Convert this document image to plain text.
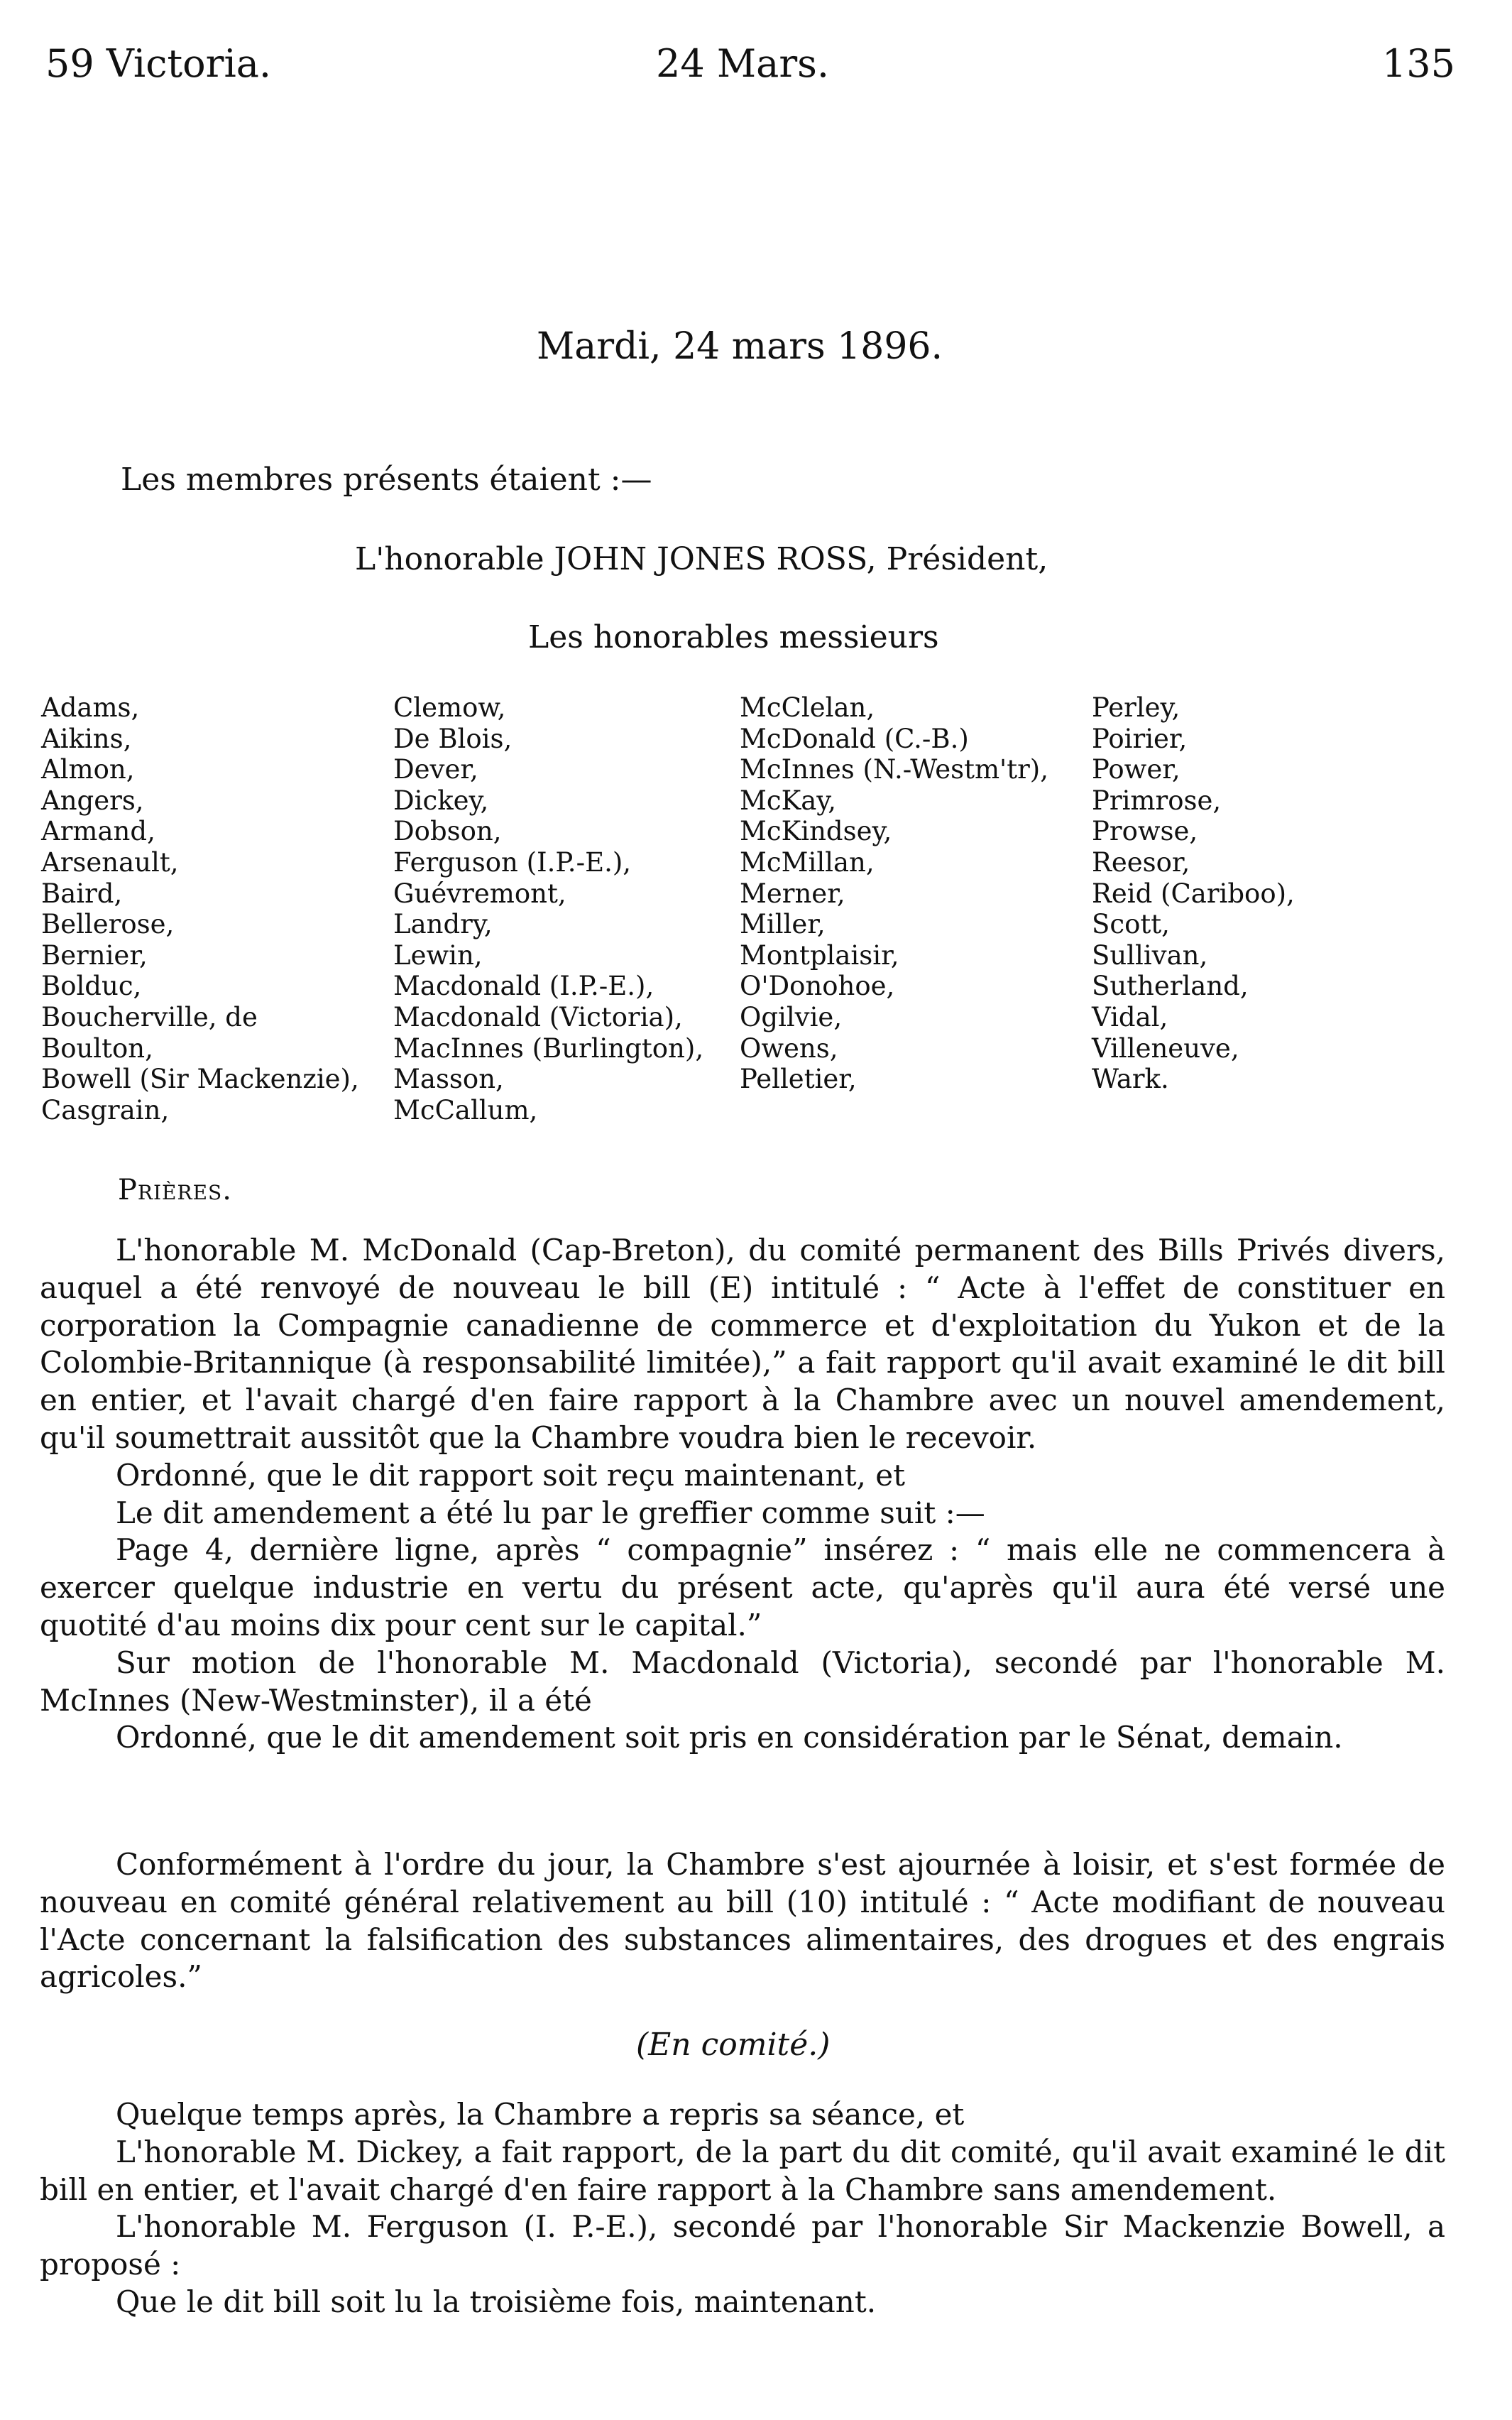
59 Victoria.	24 Mars.	135
Mardi, 24 mars 1896.
Les membres présents étaient :—
L'honorable JOHN JONES ROSS, Président,
Les honorables messieurs
Adams,
Aikins,
Almon,
Angers,
Armand,
Arsenault,
Baird,
Bellerose,
Bernier,
Bolduc,
Boucherville, de
Boulton,
Bowell (Sir Mackenzie),
Casgrain,
Clemow,
De Blois,
Dever,
Dickey,
Dobson,
Ferguson (I.P.-E.),
Guévremont,
Landry,
Lewin,
Macdonald (I.P.-E.),
Macdonald (Victoria),
MacInnes (Burlington),
Masson,
McCallum,
McClelan,
McDonald (C.-B.)
McInnes (N.-Westm'tr),
McKay,
McKindsey,
McMillan,
Merner,
Miller,
Montplaisir,
O'Donohoe,
Ogilvie,
Owens,
Pelletier,
Perley,
Poirier,
Power,
Primrose,
Prowse,
Reesor,
Reid (Cariboo),
Scott,
Sullivan,
Sutherland,
Vidal,
Villeneuve,
Wark.
Prières.

L'honorable M. McDonald (Cap-Breton), du comité permanent des Bills Privés divers, auquel a été renvoyé de nouveau le bill (E) intitulé : “ Acte à l'effet de constituer en corporation la Compagnie canadienne de commerce et d'exploitation du Yukon et de la Colombie-Britannique (à responsabilité limitée),” a fait rapport qu'il avait examiné le dit bill en entier, et l'avait chargé d'en faire rapport à la Chambre avec un nouvel amendement, qu'il soumettrait aussitôt que la Chambre voudra bien le recevoir.

Ordonné, que le dit rapport soit reçu maintenant, et

Le dit amendement a été lu par le greffier comme suit :—

Page 4, dernière ligne, après “ compagnie” insérez : “ mais elle ne commencera à exercer quelque industrie en vertu du présent acte, qu'après qu'il aura été versé une quotité d'au moins dix pour cent sur le capital.”

Sur motion de l'honorable M. Macdonald (Victoria), secondé par l'honorable M. McInnes (New-Westminster), il a été

Ordonné, que le dit amendement soit pris en considération par le Sénat, demain.

Conformément à l'ordre du jour, la Chambre s'est ajournée à loisir, et s'est formée de nouveau en comité général relativement au bill (10) intitulé : “ Acte modifiant de nouveau l'Acte concernant la falsification des substances alimentaires, des drogues et des engrais agricoles.”

(En comité.)

Quelque temps après, la Chambre a repris sa séance, et

L'honorable M. Dickey, a fait rapport, de la part du dit comité, qu'il avait examiné le dit bill en entier, et l'avait chargé d'en faire rapport à la Chambre sans amendement.

L'honorable M. Ferguson (I. P.-E.), secondé par l'honorable Sir Mackenzie Bowell, a proposé :

Que le dit bill soit lu la troisième fois, maintenant.
